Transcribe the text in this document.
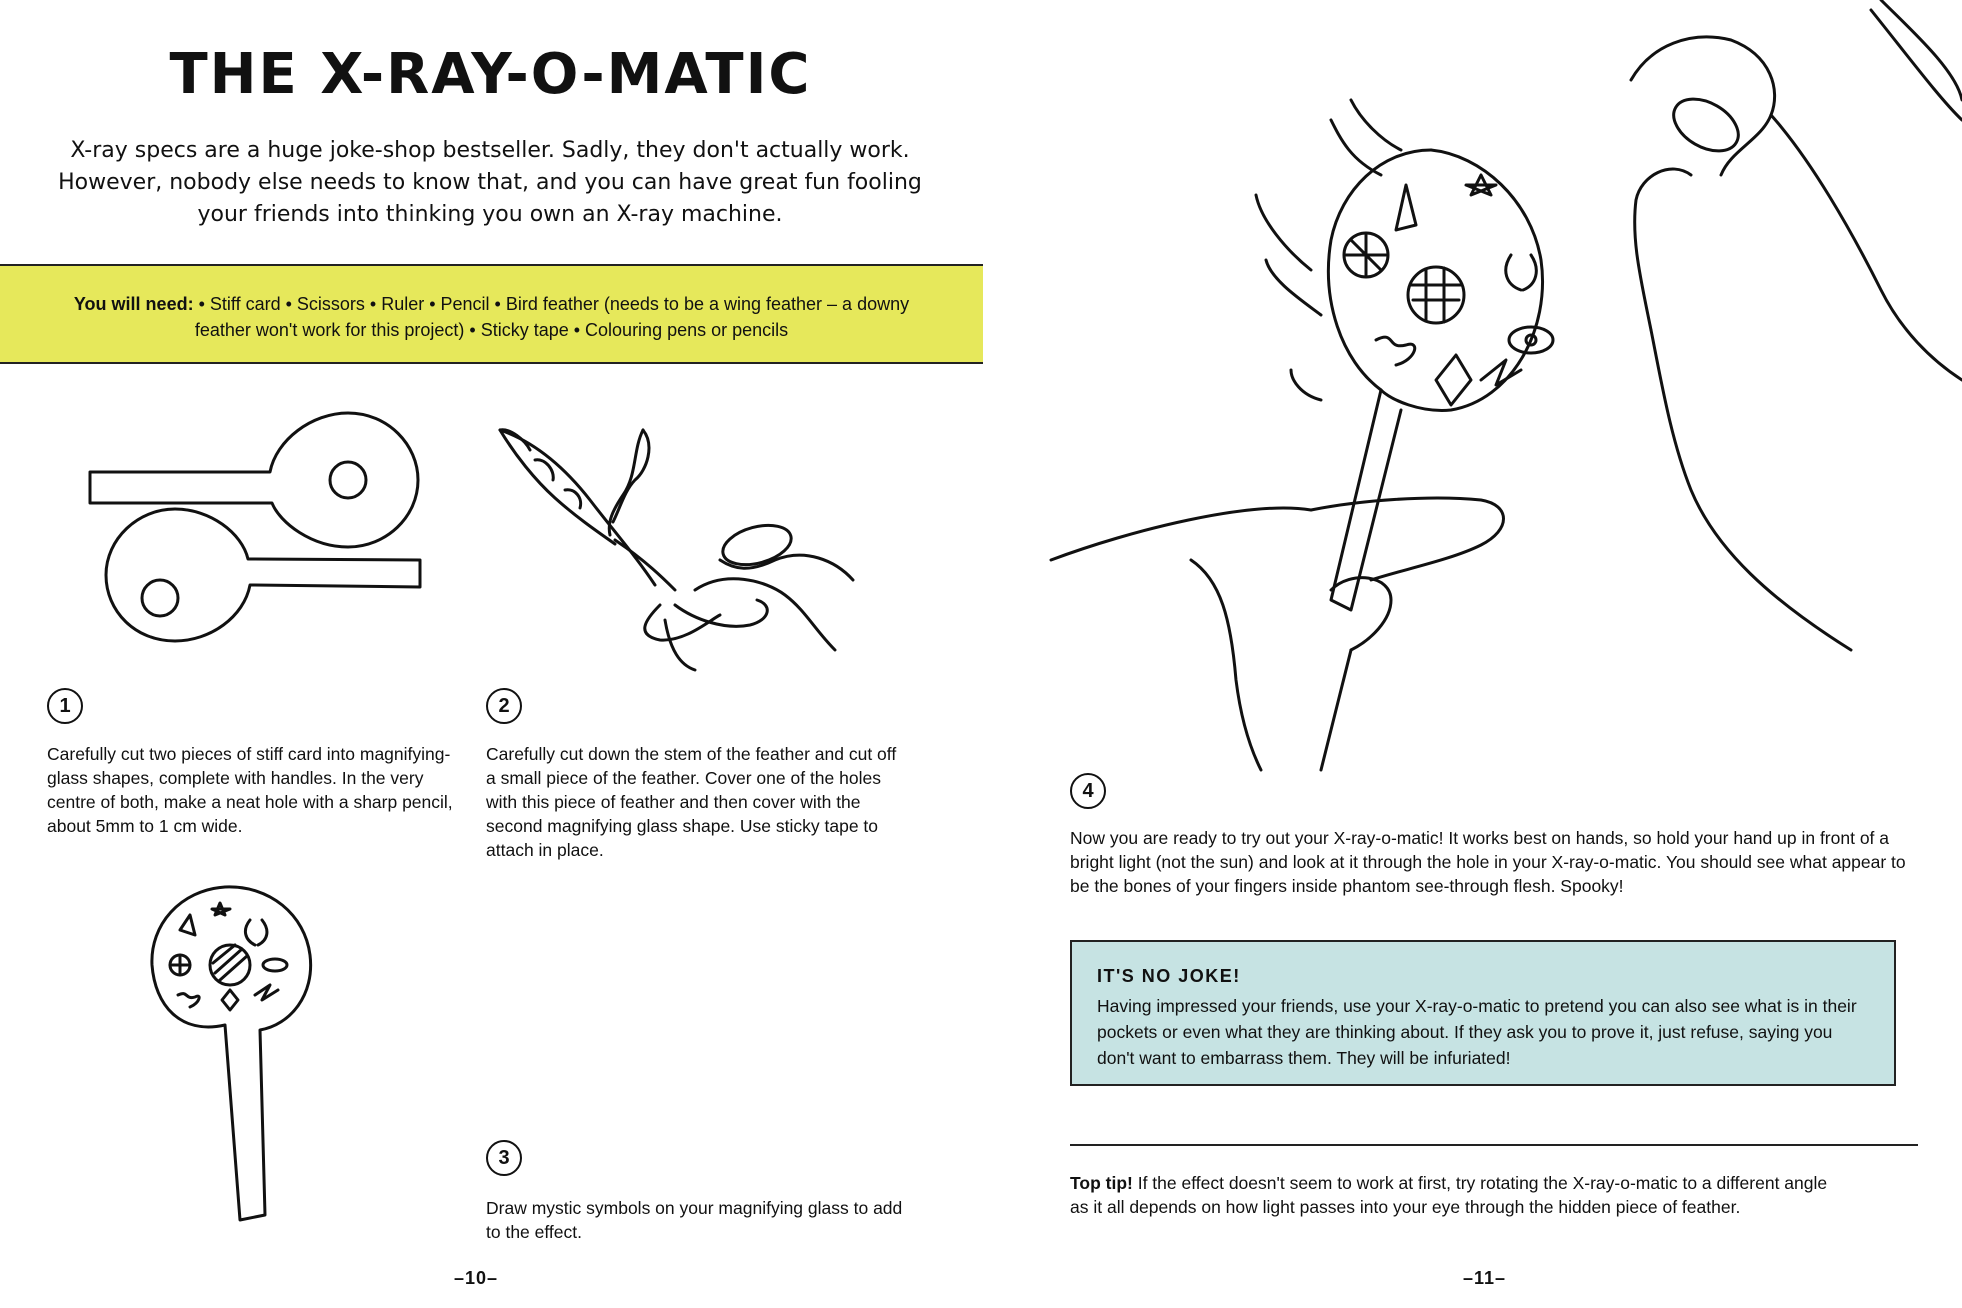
THE X-RAY-O-MATIC
X-ray specs are a huge joke-shop bestseller. Sadly, they don't actually work. However, nobody else needs to know that, and you can have great fun fooling your friends into thinking you own an X-ray machine.
You will need: • Stiff card • Scissors • Ruler • Pencil • Bird feather (needs to be a wing feather – a downy feather won't work for this project) • Sticky tape • Colouring pens or pencils
1
Carefully cut two pieces of stiff card into magnifying-glass shapes, complete with handles. In the very centre of both, make a neat hole with a sharp pencil, about 5mm to 1 cm wide.
2
Carefully cut down the stem of the feather and cut off a small piece of the feather. Cover one of the holes with this piece of feather and then cover with the second magnifying glass shape. Use sticky tape to attach in place.
3
Draw mystic symbols on your magnifying glass to add to the effect.
–10–
4
Now you are ready to try out your X-ray-o-matic! It works best on hands, so hold your hand up in front of a bright light (not the sun) and look at it through the hole in your X-ray-o-matic. You should see what appear to be the bones of your fingers inside phantom see-through flesh. Spooky!
IT'S NO JOKE!
Having impressed your friends, use your X-ray-o-matic to pretend you can also see what is in their pockets or even what they are thinking about. If they ask you to prove it, just refuse, saying you don't want to embarrass them. They will be infuriated!
Top tip! If the effect doesn't seem to work at first, try rotating the X-ray-o-matic to a different angle as it all depends on how light passes into your eye through the hidden piece of feather.
–11–
